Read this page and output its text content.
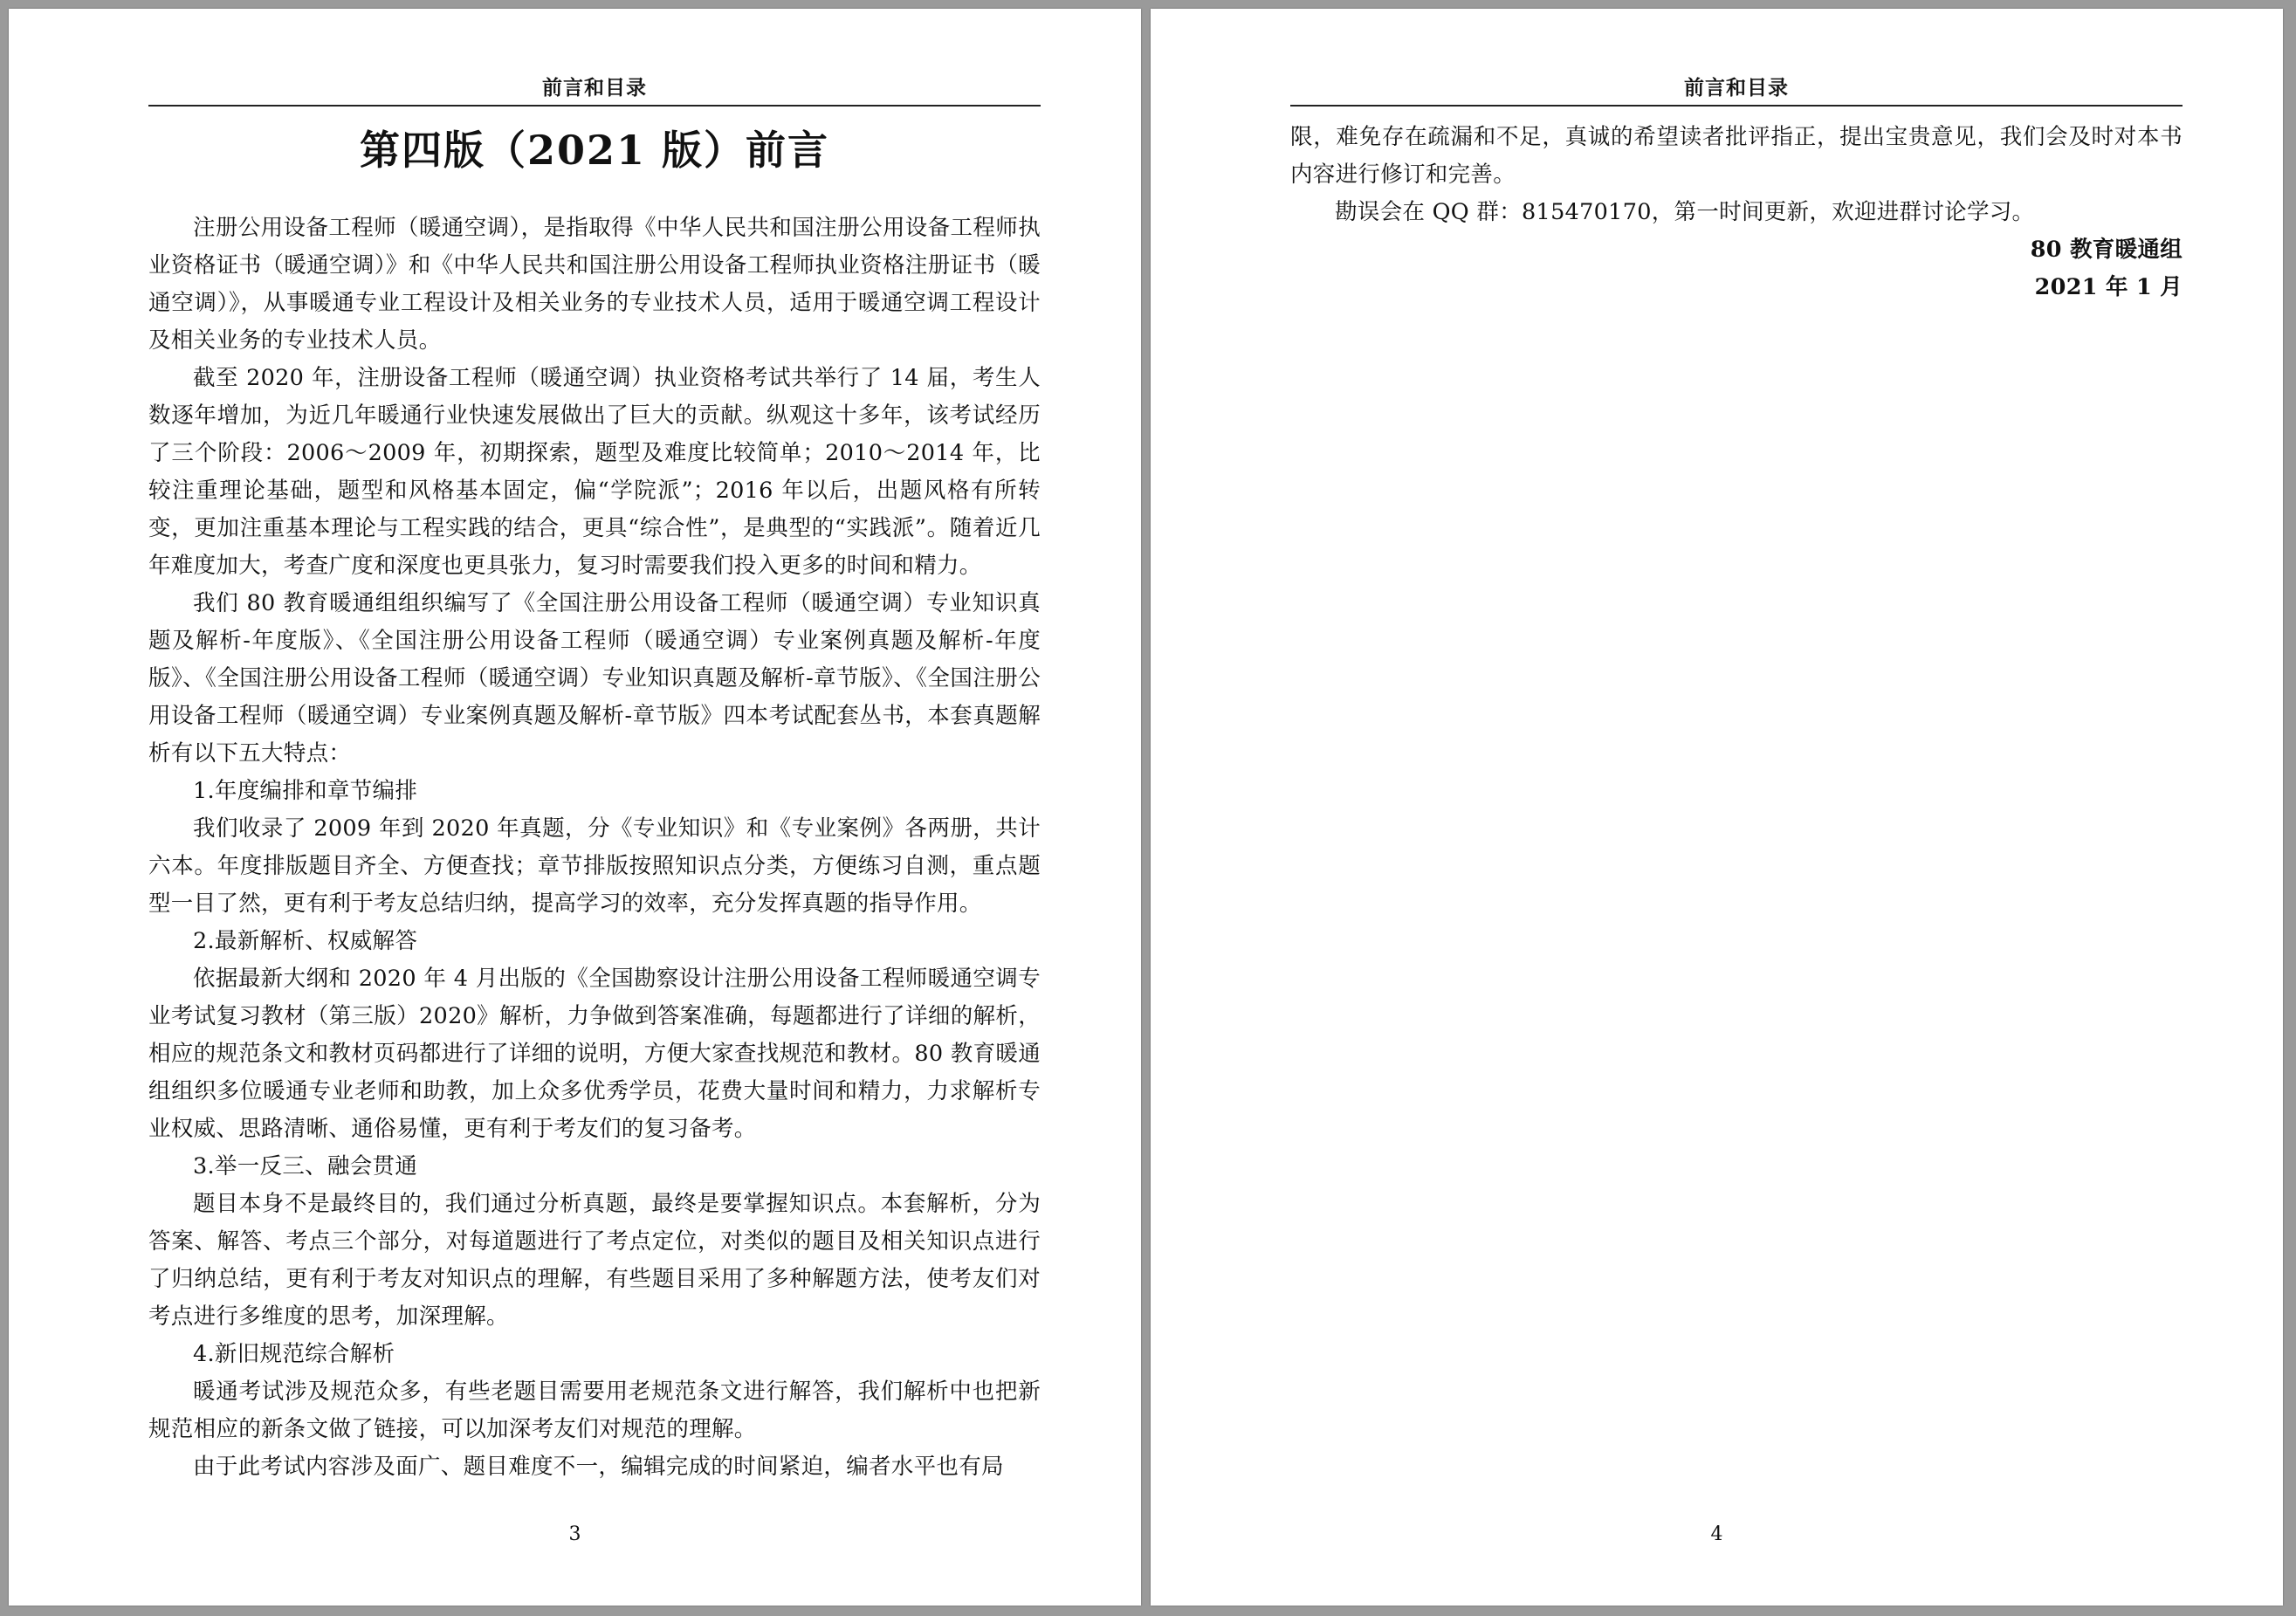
前言和目录
第四版（2021 版）前言

注册公用设备工程师（暖通空调），是指取得《中华人民共和国注册公用设备工程师执业资格证书（暖通空调）》和《中华人民共和国注册公用设备工程师执业资格注册证书（暖通空调）》，从事暖通专业工程设计及相关业务的专业技术人员，适用于暖通空调工程设计及相关业务的专业技术人员。

截至 2020 年，注册设备工程师（暖通空调）执业资格考试共举行了 14 届，考生人数逐年增加，为近几年暖通行业快速发展做出了巨大的贡献。纵观这十多年，该考试经历了三个阶段：2006～2009 年，初期探索，题型及难度比较简单；2010～2014 年，比较注重理论基础，题型和风格基本固定，偏“学院派”；2016 年以后，出题风格有所转变，更加注重基本理论与工程实践的结合，更具“综合性”，是典型的“实践派”。随着近几年难度加大，考查广度和深度也更具张力，复习时需要我们投入更多的时间和精力。

我们 80 教育暖通组组织编写了《全国注册公用设备工程师（暖通空调）专业知识真题及解析-年度版》、《全国注册公用设备工程师（暖通空调）专业案例真题及解析-年度版》、《全国注册公用设备工程师（暖通空调）专业知识真题及解析-章节版》、《全国注册公用设备工程师（暖通空调）专业案例真题及解析-章节版》四本考试配套丛书，本套真题解析有以下五大特点：

1.年度编排和章节编排

我们收录了 2009 年到 2020 年真题，分《专业知识》和《专业案例》各两册，共计六本。年度排版题目齐全、方便查找；章节排版按照知识点分类，方便练习自测，重点题型一目了然，更有利于考友总结归纳，提高学习的效率，充分发挥真题的指导作用。

2.最新解析、权威解答

依据最新大纲和 2020 年 4 月出版的《全国勘察设计注册公用设备工程师暖通空调专业考试复习教材（第三版）2020》解析，力争做到答案准确，每题都进行了详细的解析，相应的规范条文和教材页码都进行了详细的说明，方便大家查找规范和教材。80 教育暖通组组织多位暖通专业老师和助教，加上众多优秀学员，花费大量时间和精力，力求解析专业权威、思路清晰、通俗易懂，更有利于考友们的复习备考。

3.举一反三、融会贯通

题目本身不是最终目的，我们通过分析真题，最终是要掌握知识点。本套解析，分为答案、解答、考点三个部分，对每道题进行了考点定位，对类似的题目及相关知识点进行了归纳总结，更有利于考友对知识点的理解，有些题目采用了多种解题方法，使考友们对考点进行多维度的思考，加深理解。

4.新旧规范综合解析

暖通考试涉及规范众多，有些老题目需要用老规范条文进行解答，我们解析中也把新规范相应的新条文做了链接，可以加深考友们对规范的理解。

由于此考试内容涉及面广、题目难度不一，编辑完成的时间紧迫，编者水平也有局

3
前言和目录

限，难免存在疏漏和不足，真诚的希望读者批评指正，提出宝贵意见，我们会及时对本书内容进行修订和完善。

勘误会在 QQ 群：815470170，第一时间更新，欢迎进群讨论学习。

80 教育暖通组

2021 年 1 月

4
